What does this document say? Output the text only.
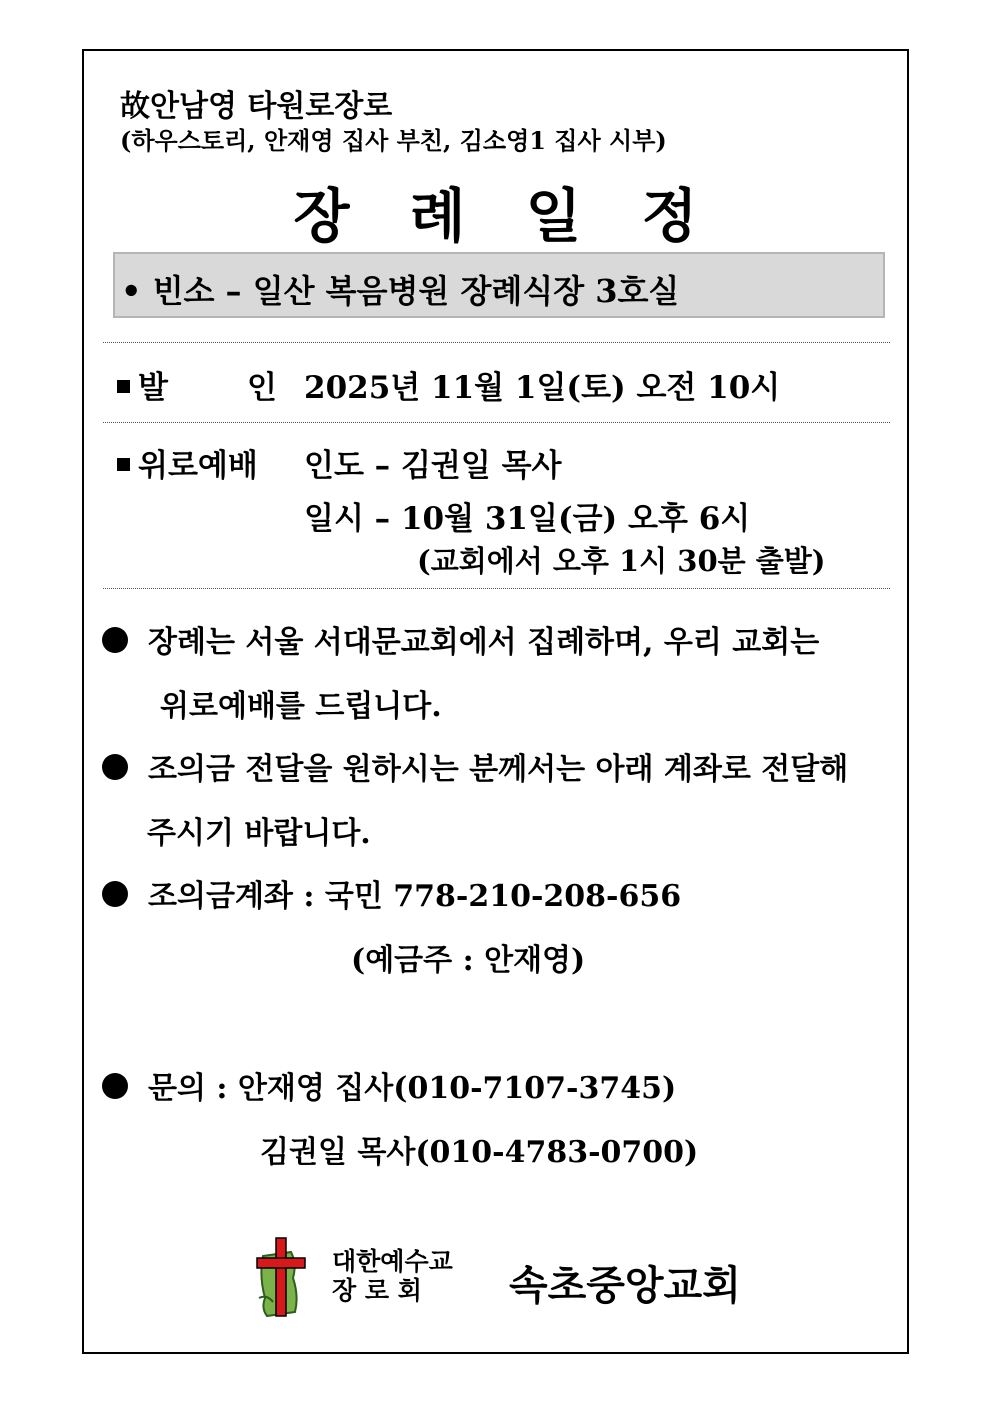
故안남영 타원로장로
(하우스토리, 안재영 집사 부친, 김소영1 집사 시부)
장례일정
• 빈소 – 일산 복음병원 장례식장 3호실
발	인 2025년 11월 1일(토) 오전 10시
위로예배 인도 – 김권일 목사
일시 – 10월 31일(금) 오후 6시
(교회에서 오후 1시 30분 출발)
장례는 서울 서대문교회에서 집례하며, 우리 교회는
위로예배를 드립니다.
조의금 전달을 원하시는 분께서는 아래 계좌로 전달해
주시기 바랍니다.
조의금계좌 : 국민 778-210-208-656
(예금주 : 안재영)
문의 : 안재영 집사(010-7107-3745)
김권일 목사(010-4783-0700)
대한예수교
장 로 회 속초중앙교회
